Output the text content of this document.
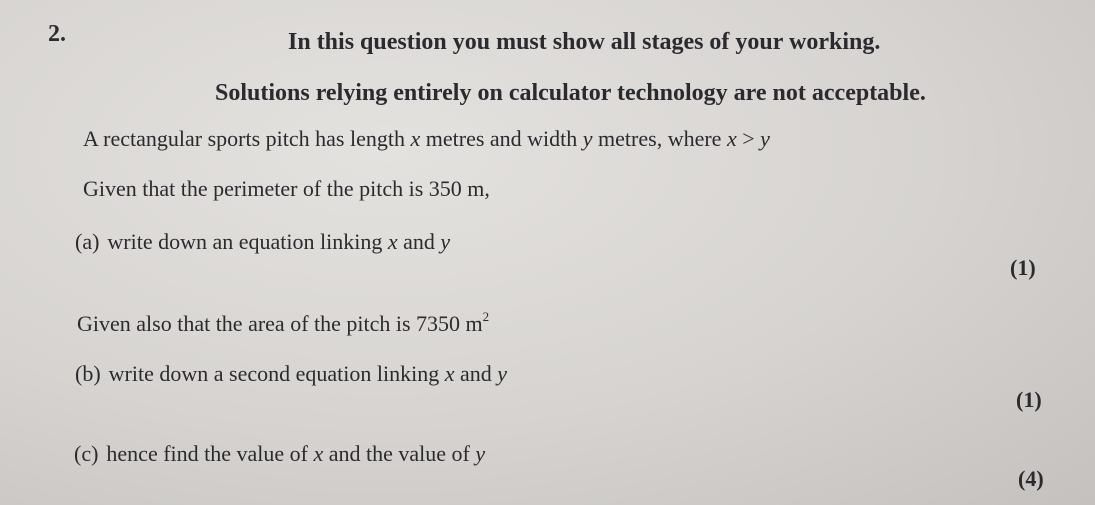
2.	In this question you must show all stages of your working.
Solutions relying entirely on calculator technology are not acceptable.
A rectangular sports pitch has length x metres and width y metres, where x > y
Given that the perimeter of the pitch is 350 m,
(a) write down an equation linking x and y
(1)
Given also that the area of the pitch is 7350 $m^2$
(b) write down a second equation linking x and y
(1)
(c) hence find the value of x and the value of y
(4)
